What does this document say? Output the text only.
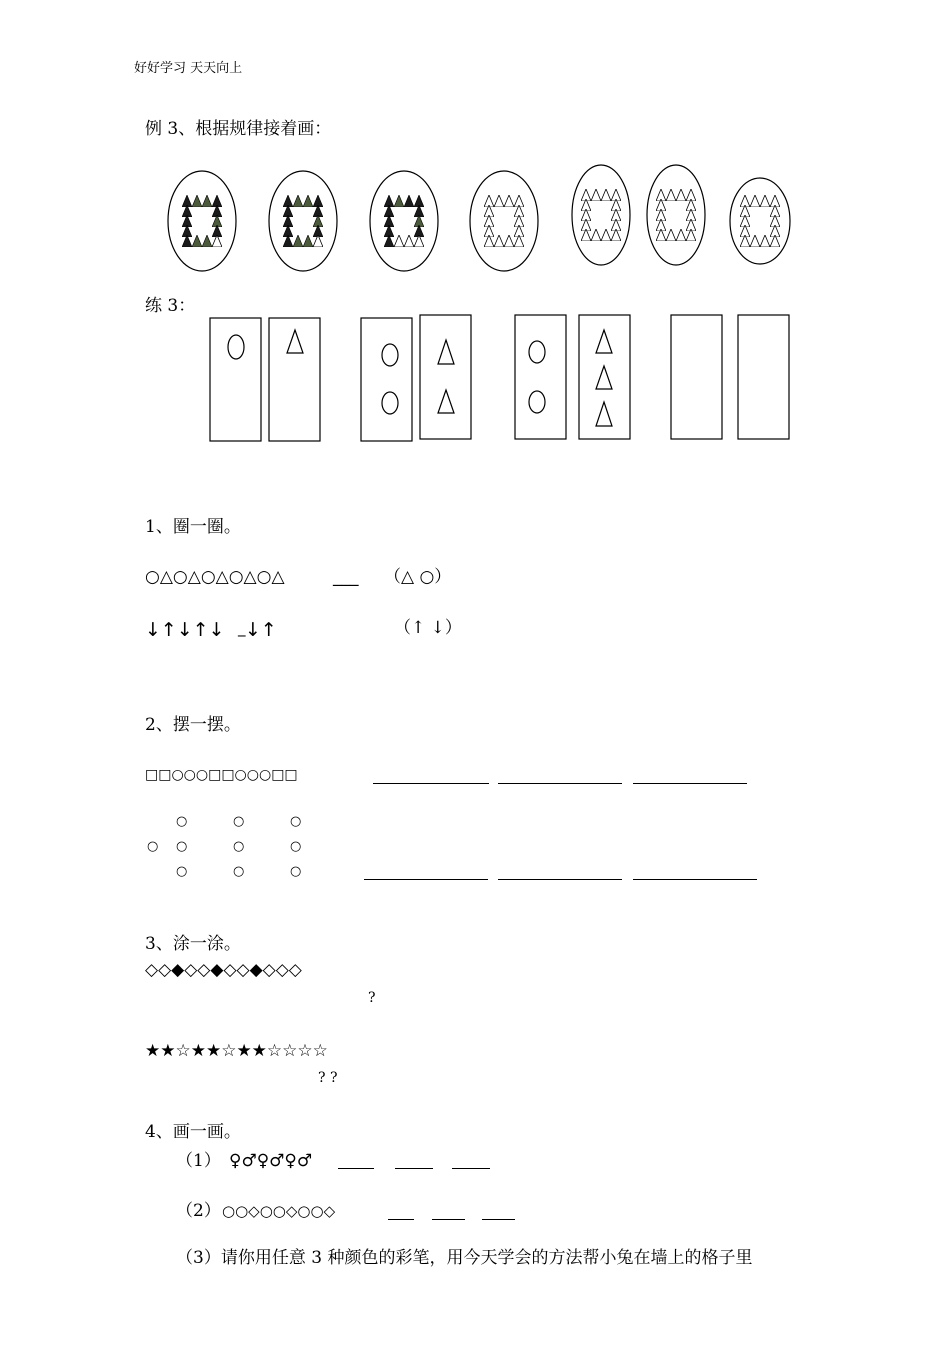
好好学习 天天向上
例 3、根据规律接着画：
练 3：
1、圈一圈。
○△○△○△○△○△	___ （△ ○）
↓↑↓↑↓ _ ↓↑	（↑ ↓）
2、摆一摆。
□□○○○□□○○○□□
○	○	○
○ ○	○	○
○	○	○
3、涂一涂。
◇◇◆◇◇◆◇◇◆◇◇◇
?
★★☆★★☆★★☆☆☆☆
? ?
4、画一画。
（1） ♀♂♀♂♀♂
（2） ○○◇○○◇○○◇
（3）请你用任意 3 种颜色的彩笔，用今天学会的方法帮小兔在墙上的格子里
